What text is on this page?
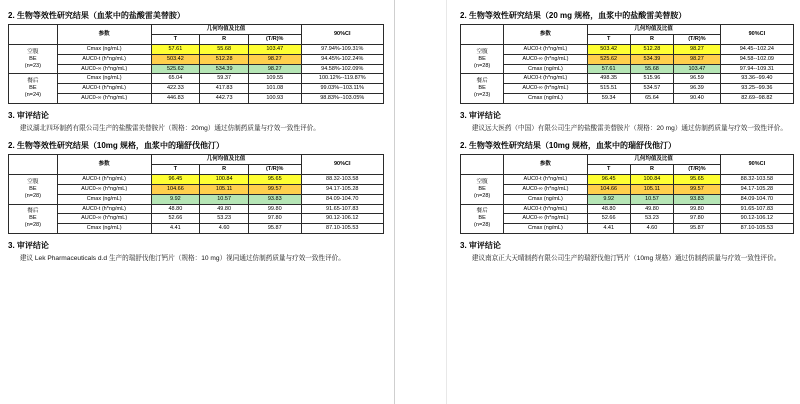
2. 生物等效性研究结果（血浆中的盐酸雷美替胺）
	参数	几何均值及比值			90%CI
		T	R	(T/R)%	
空腹
BE
(n=23)	Cmax (ng/mL)	57.61	55.68	103.47	97.94%-109.31%
	AUC0-t (h*ng/mL)	503.42	512.28	98.27	94.45%-102.24%
	AUC0-∞ (h*ng/mL)	525.62	534.39	98.27	94.58%-102.09%
餐后
BE
(n=24)	Cmax (ng/mL)	65.04	59.37	109.55	100.12%--119.87%
	AUC0-t (h*ng/mL)	422.33	417.83	101.08	99.03%--103.11%
	AUC0-∞ (h*ng/mL)	446.83	442.73	100.93	98.83%--103.05%
3. 审评结论

建议湖北四环制药有限公司生产的盐酸雷美替胺片（规格：20mg）通过仿制药质量与疗效一致性评价。

2. 生物等效性研究结果（10mg 规格，血浆中的瑞舒伐他汀）
	参数	几何均值及比值			90%CI
		T	R	(T/R)%	
空腹
BE
(n=28)	AUC0-t (h*ng/mL)	96.45	100.84	95.65	88.32-103.58
	AUC0-∞ (h*ng/mL)	104.66	105.11	99.57	94.17-105.28
	Cmax (ng/mL)	9.92	10.57	93.83	84.09-104.70
餐后
BE
(n=28)	AUC0-t (h*ng/mL)	48.80	49.80	99.80	91.65-107.83
	AUC0-∞ (h*ng/mL)	52.66	53.23	97.80	90.12-106.12
	Cmax (ng/mL)	4.41	4.60	95.87	87.10-105.53
3. 审评结论

建议 Lek Pharmaceuticals d.d 生产的瑞舒伐他汀钙片（规格：10 mg）视同通过仿制药质量与疗效一致性评价。

2. 生物等效性研究结果（20 mg 规格，血浆中的盐酸雷美替胺）
	参数	几何均值及比值			90%CI
		T	R	(T/R)%	
空腹
BE
(n=28)	AUC0-t (h*ng/mL)	503.42	512.28	98.27	94.45--102.24
	AUC0-∞ (h*ng/mL)	525.62	534.39	98.27	94.58--102.09
	Cmax (ng/mL)	57.61	55.68	103.47	97.94--109.31
餐后
BE
(n=23)	AUC0-t (h*ng/mL)	498.35	515.96	96.59	93.36--99.40
	AUC0-∞ (h*ng/mL)	515.51	534.57	96.39	93.25--99.36
	Cmax (ng/mL)	59.34	65.64	90.40	82.69--98.82
3. 审评结论

建议远大医药（中国）有限公司生产的盐酸雷美替胺片（规格：20 mg）通过仿制药质量与疗效一致性评价。

2. 生物等效性研究结果（10mg 规格，血浆中的瑞舒伐他汀）
	参数	几何均值及比值			90%CI
		T	R	(T/R)%	
空腹
BE
(n=28)	AUC0-t (h*ng/mL)	96.45	100.84	95.65	88.32-103.58
	AUC0-∞ (h*ng/mL)	104.66	105.11	99.57	94.17-105.28
	Cmax (ng/mL)	9.92	10.57	93.83	84.09-104.70
餐后
BE
(n=28)	AUC0-t (h*ng/mL)	48.80	49.80	99.80	91.65-107.83
	AUC0-∞ (h*ng/mL)	52.66	53.23	97.80	90.12-106.12
	Cmax (ng/mL)	4.41	4.60	95.87	87.10-105.53
3. 审评结论

建议南京正大天晴制药有限公司生产的瑞舒伐他汀钙片（10mg 规格）通过仿制药质量与疗效一致性评价。
